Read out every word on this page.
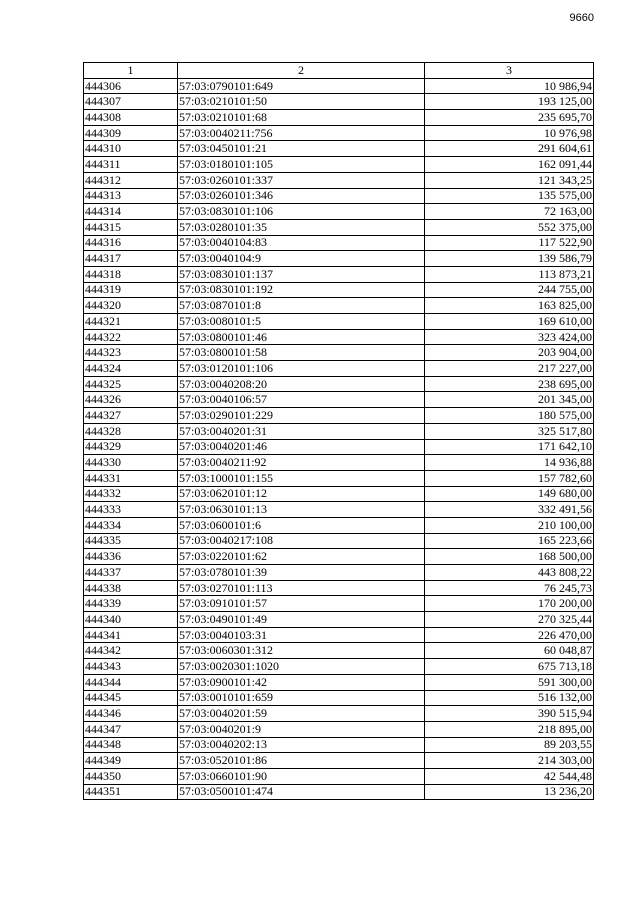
9660
1	2	3
444306	57:03:0790101:649	10 986,94
444307	57:03:0210101:50	193 125,00
444308	57:03:0210101:68	235 695,70
444309	57:03:0040211:756	10 976,98
444310	57:03:0450101:21	291 604,61
444311	57:03:0180101:105	162 091,44
444312	57:03:0260101:337	121 343,25
444313	57:03:0260101:346	135 575,00
444314	57:03:0830101:106	72 163,00
444315	57:03:0280101:35	552 375,00
444316	57:03:0040104:83	117 522,90
444317	57:03:0040104:9	139 586,79
444318	57:03:0830101:137	113 873,21
444319	57:03:0830101:192	244 755,00
444320	57:03:0870101:8	163 825,00
444321	57:03:0080101:5	169 610,00
444322	57:03:0800101:46	323 424,00
444323	57:03:0800101:58	203 904,00
444324	57:03:0120101:106	217 227,00
444325	57:03:0040208:20	238 695,00
444326	57:03:0040106:57	201 345,00
444327	57:03:0290101:229	180 575,00
444328	57:03:0040201:31	325 517,80
444329	57:03:0040201:46	171 642,10
444330	57:03:0040211:92	14 936,88
444331	57:03:1000101:155	157 782,60
444332	57:03:0620101:12	149 680,00
444333	57:03:0630101:13	332 491,56
444334	57:03:0600101:6	210 100,00
444335	57:03:0040217:108	165 223,66
444336	57:03:0220101:62	168 500,00
444337	57:03:0780101:39	443 808,22
444338	57:03:0270101:113	76 245,73
444339	57:03:0910101:57	170 200,00
444340	57:03:0490101:49	270 325,44
444341	57:03:0040103:31	226 470,00
444342	57:03:0060301:312	60 048,87
444343	57:03:0020301:1020	675 713,18
444344	57:03:0900101:42	591 300,00
444345	57:03:0010101:659	516 132,00
444346	57:03:0040201:59	390 515,94
444347	57:03:0040201:9	218 895,00
444348	57:03:0040202:13	89 203,55
444349	57:03:0520101:86	214 303,00
444350	57:03:0660101:90	42 544,48
444351	57:03:0500101:474	13 236,20
